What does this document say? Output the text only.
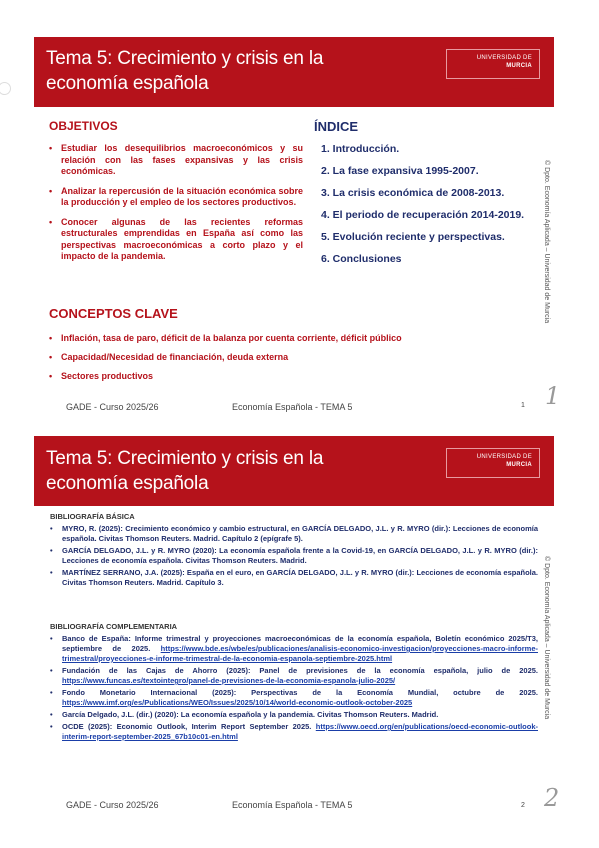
Tema 5: Crecimiento y crisis en la
economía española
UNIVERSIDAD DE
MURCIA
OBJETIVOS
• Estudiar los desequilibrios macroeconómicos y su relación con las fases expansivas y las crisis económicas.
• Analizar la repercusión de la situación económica sobre la producción y el empleo de los sectores productivos.
• Conocer algunas de las recientes reformas estructurales emprendidas en España así como las perspectivas macroeconómicas a corto plazo y el impacto de la pandemia.
ÍNDICE
1. Introducción.
2. La fase expansiva 1995-2007.
3. La crisis económica de 2008-2013.
4. El periodo de recuperación 2014-2019.
5. Evolución reciente y perspectivas.
6. Conclusiones
CONCEPTOS CLAVE
• Inflación, tasa de paro, déficit de la balanza por cuenta corriente, déficit público
• Capacidad/Necesidad de financiación, deuda externa
• Sectores productivos
GADE - Curso 2025/26	Economía Española - TEMA 5	1 1
© Dpto. Economía Aplicada – Universidad de Murcia
Tema 5: Crecimiento y crisis en la
economía española
UNIVERSIDAD DE
MURCIA
BIBLIOGRAFÍA BÁSICA
• MYRO, R. (2025): Crecimiento económico y cambio estructural, en GARCÍA DELGADO, J.L. y R. MYRO (dir.): Lecciones de economía española. Civitas Thomson Reuters. Madrid. Capítulo 2 (epígrafe 5).
• GARCÍA DELGADO, J.L. y R. MYRO (2020): La economía española frente a la Covid-19, en GARCÍA DELGADO, J.L. y R. MYRO (dir.): Lecciones de economía española. Civitas Thomson Reuters. Madrid.
• MARTÍNEZ SERRANO, J.A. (2025): España en el euro, en GARCÍA DELGADO, J.L. y R. MYRO (dir.): Lecciones de economía española. Civitas Thomson Reuters. Madrid. Capítulo 3.
BIBLIOGRAFÍA COMPLEMENTARIA
• Banco de España: Informe trimestral y proyecciones macroeconómicas de la economía española, Boletín económico 2025/T3, septiembre de 2025. https://www.bde.es/wbe/es/publicaciones/analisis-economico-investigacion/proyecciones-macro-informe-trimestral/proyecciones-e-informe-trimestral-de-la-economia-espanola-septiembre-2025.html
• Fundación de las Cajas de Ahorro (2025): Panel de previsiones de la economía española, julio de 2025. https://www.funcas.es/textointegro/panel-de-previsiones-de-la-economia-espanola-julio-2025/
• Fondo Monetario Internacional (2025): Perspectivas de la Economía Mundial, octubre de 2025. https://www.imf.org/es/Publications/WEO/Issues/2025/10/14/world-economic-outlook-october-2025
• García Delgado, J.L. (dir.) (2020): La economía española y la pandemia. Civitas Thomson Reuters. Madrid.
• OCDE (2025): Economic Outlook, Interim Report September 2025. https://www.oecd.org/en/publications/oecd-economic-outlook-interim-report-september-2025_67b10c01-en.html
GADE - Curso 2025/26	Economía Española - TEMA 5	2 2
© Dpto. Economía Aplicada – Universidad de Murcia
